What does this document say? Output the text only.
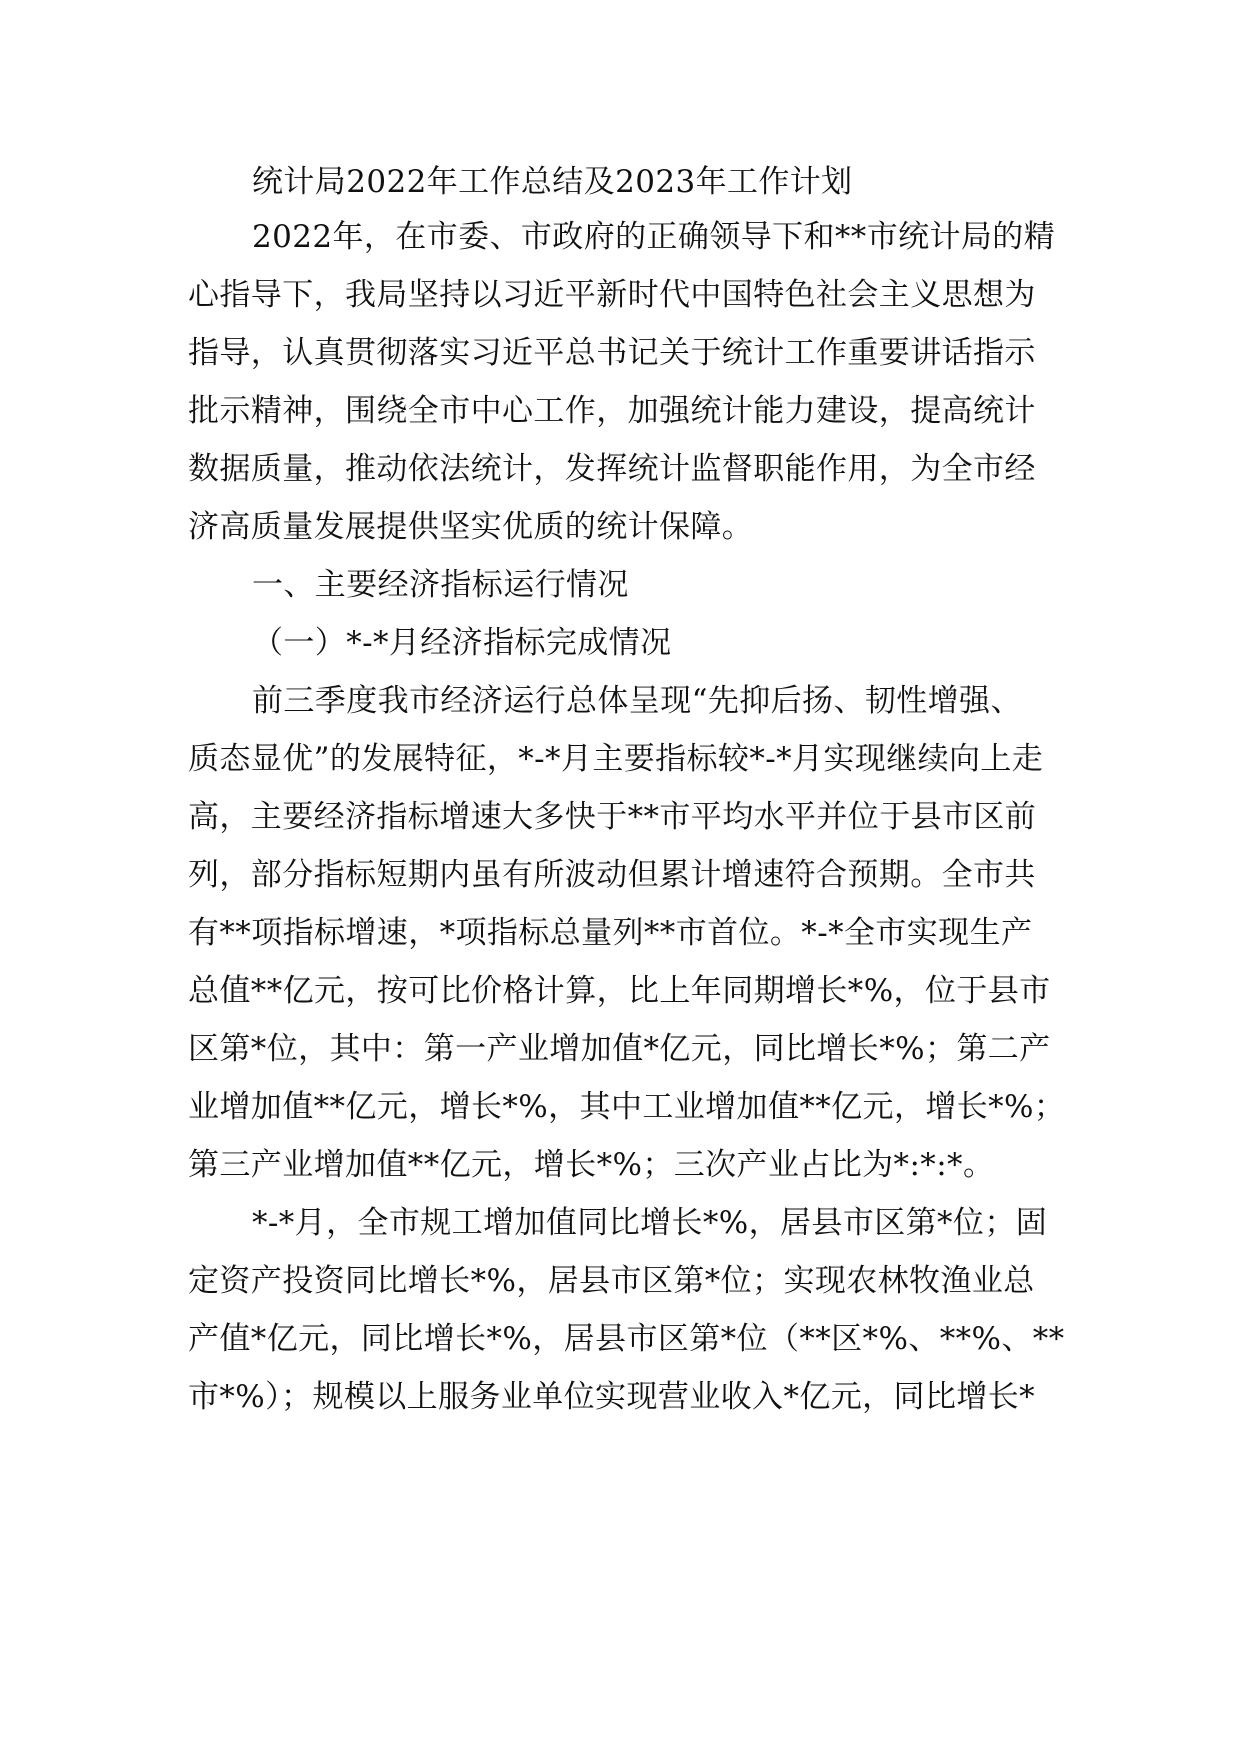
统计局2022年工作总结及2023年工作计划
2022年，在市委、市政府的正确领导下和**市统计局的精
心指导下，我局坚持以习近平新时代中国特色社会主义思想为
指导，认真贯彻落实习近平总书记关于统计工作重要讲话指示
批示精神，围绕全市中心工作，加强统计能力建设，提高统计
数据质量，推动依法统计，发挥统计监督职能作用，为全市经
济高质量发展提供坚实优质的统计保障。
一、主要经济指标运行情况
（一）*-*月经济指标完成情况
前三季度我市经济运行总体呈现“先抑后扬、韧性增强、
质态显优”的发展特征，*-*月主要指标较*-*月实现继续向上走
高，主要经济指标增速大多快于**市平均水平并位于县市区前
列，部分指标短期内虽有所波动但累计增速符合预期。全市共
有**项指标增速，*项指标总量列**市首位。*-*全市实现生产
总值**亿元，按可比价格计算，比上年同期增长*%，位于县市
区第*位，其中：第一产业增加值*亿元，同比增长*%；第二产
业增加值**亿元，增长*%，其中工业增加值**亿元，增长*%；
第三产业增加值**亿元，增长*%；三次产业占比为*:*:*。
*-*月，全市规工增加值同比增长*%，居县市区第*位；固
定资产投资同比增长*%，居县市区第*位；实现农林牧渔业总
产值*亿元，同比增长*%，居县市区第*位（**区*%、**%、**
市*%）；规模以上服务业单位实现营业收入*亿元，同比增长*
